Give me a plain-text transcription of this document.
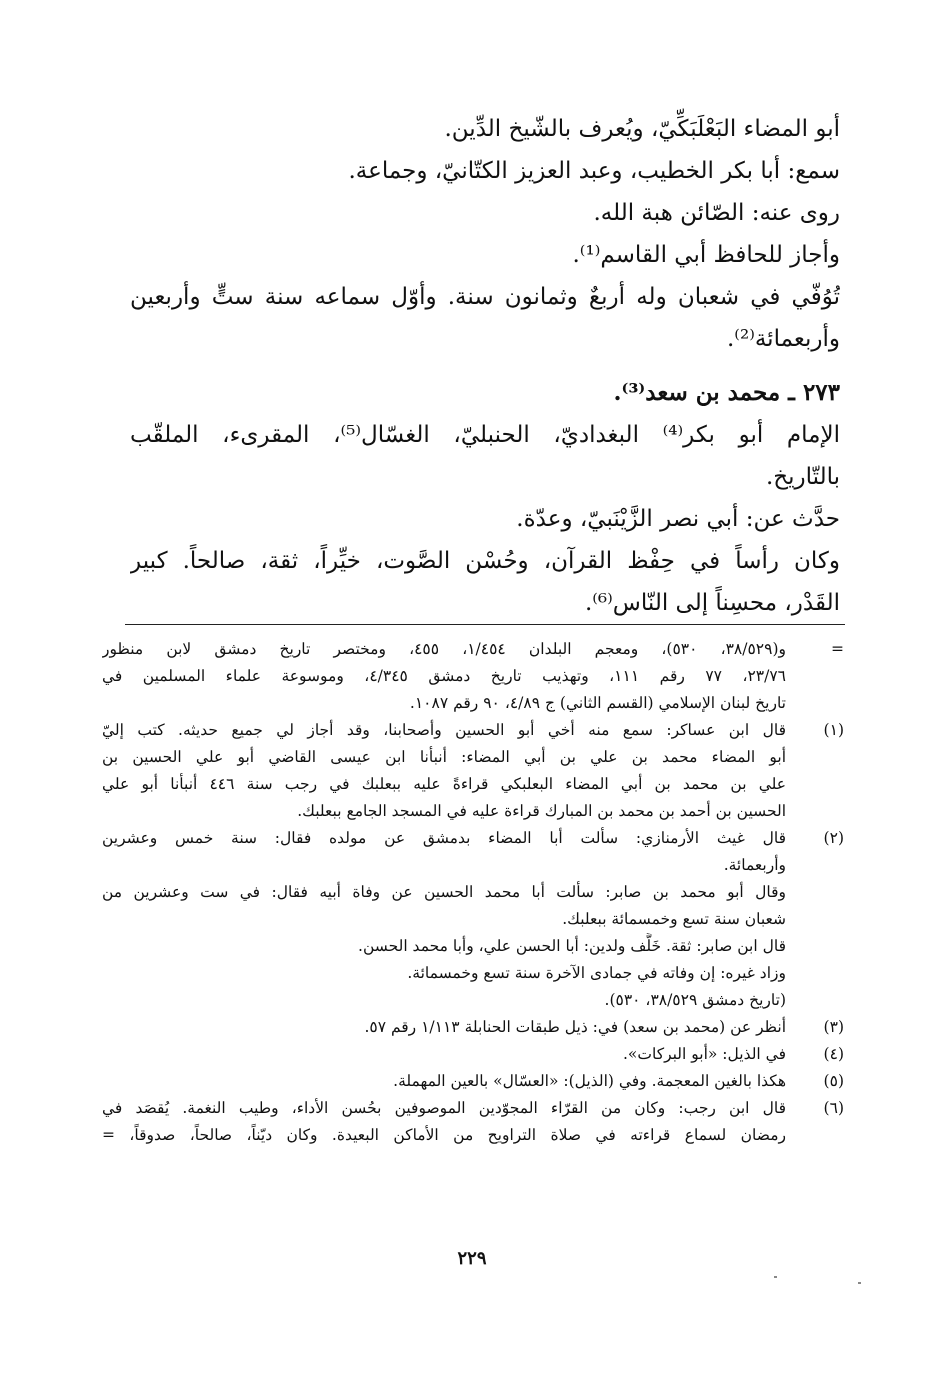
أبو المضاء البَعْلَبَكِّيّ، ويُعرف بالشّيخ الدِّين.
سمع: أبا بكر الخطيب، وعبد العزيز الكتّانيّ، وجماعة.
روى عنه: الصّائن هبة الله.
وأجاز للحافظ أبي القاسم⁽¹⁾.
تُوُفّي في شعبان وله أربعٌ وثمانون سنة. وأوّل سماعه سنة ستٍّ وأربعين
وأربعمائة⁽²⁾.
٢٧٣ ـ محمد بن سعد⁽³⁾.
الإمام أبو بكر⁽⁴⁾ البغداديّ، الحنبليّ، الغسّال⁽⁵⁾، المقرىء، الملقّب
بالتّاريخ.
حدَّث عن: أبي نصر الزَّيْنَبيّ، وعدّة.
وكان رأساً في حِفْظ القرآن، وحُسْن الصَّوت، خيِّراً، ثقة، صالحاً. كبير
القَدْر، محسِناً إلى النّاس⁽⁶⁾.
=
و(٣٨/٥٢٩، ٥٣٠)، ومعجم البلدان ١/٤٥٤، ٤٥٥، ومختصر تاريخ دمشق لابن منظور
٢٣/٧٦، ٧٧ رقم ١١١، وتهذيب تاريخ دمشق ٤/٣٤٥، وموسوعة علماء المسلمين في
تاريخ لبنان الإسلامي (القسم الثاني) ج ٤/٨٩، ٩٠ رقم ١٠٨٧.
(١)
قال ابن عساكر: سمع منه أخي أبو الحسين وأصحابنا، وقد أجاز لي جميع حديثه. كتب إليّ
أبو المضاء محمد بن علي بن أبي المضاء: أنبأنا ابن عيسى القاضي أبو علي الحسين بن
علي بن محمد بن أبي المضاء البعلبكي قراءةً عليه ببعلبك في رجب سنة ٤٤٦ أنبأنا أبو علي
الحسين بن أحمد بن محمد بن المبارك قراءة عليه في المسجد الجامع ببعلبك.
(٢)
قال غيث الأرمنازي: سألت أبا المضاء بدمشق عن مولده فقال: سنة خمس وعشرين
وأربعمائة.
وقال أبو محمد بن صابر: سألت أبا محمد الحسين عن وفاة أبيه فقال: في ست وعشرين من
شعبان سنة تسع وخمسمائة ببعلبك.
قال ابن صابر: ثقة. خَلَّف ولدين: أبا الحسن علي، وأبا محمد الحسن.
وزاد غيره: إن وفاته في جمادى الآخرة سنة تسع وخمسمائة.
(تاريخ دمشق ٣٨/٥٢٩، ٥٣٠).
(٣)
أنظر عن (محمد بن سعد) في: ذيل طبقات الحنابلة ١/١١٣ رقم ٥٧.
(٤)
في الذيل: «أبو البركات».
(٥)
هكذا بالغين المعجمة. وفي (الذيل): «العسّال» بالعين المهملة.
(٦)
قال ابن رجب: وكان من القرّاء المجوّدين الموصوفين بحُسن الأداء، وطيب النغمة. يُقصَد في
رمضان لسماع قراءته في صلاة التراويح من الأماكن البعيدة. وكان ديّناً، صالحاً، صدوقاً، =
٢٢٩
